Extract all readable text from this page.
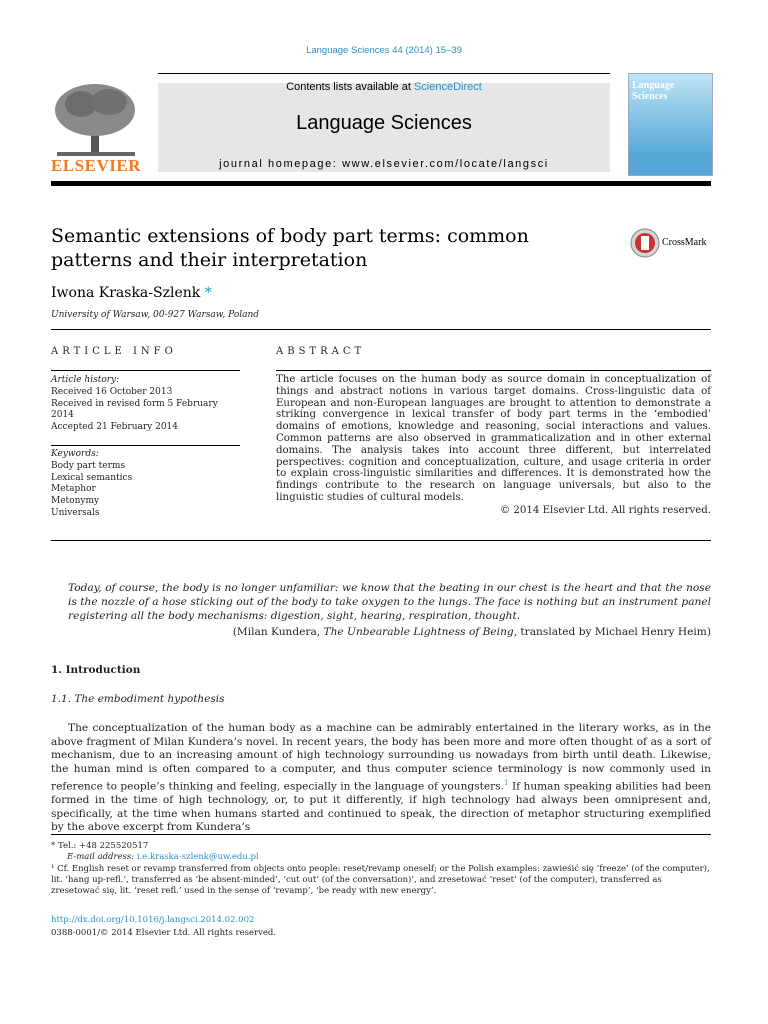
Language Sciences 44 (2014) 15–39
ELSEVIER
Contents lists available at ScienceDirect
Language Sciences
journal homepage: www.elsevier.com/locate/langsci
Language Sciences
Semantic extensions of body part terms: common patterns and their interpretation
CrossMark
Iwona Kraska-Szlenk *
University of Warsaw, 00-927 Warsaw, Poland
ARTICLE INFO	ABSTRACT
Article history:
Received 16 October 2013
Received in revised form 5 February 2014
Accepted 21 February 2014
Keywords:
Body part terms
Lexical semantics
Metaphor
Metonymy
Universals
The article focuses on the human body as source domain in conceptualization of things and abstract notions in various target domains. Cross-linguistic data of European and non-European languages are brought to attention to demonstrate a striking convergence in lexical transfer of body part terms in the ‘embodied’ domains of emotions, knowledge and reasoning, social interactions and values. Common patterns are also observed in grammaticalization and in other external domains. The analysis takes into account three different, but interrelated perspectives: cognition and conceptualization, culture, and usage criteria in order to explain cross-linguistic similarities and differences. It is demonstrated how the findings contribute to the research on language universals, but also to the linguistic studies of cultural models.
© 2014 Elsevier Ltd. All rights reserved.
Today, of course, the body is no longer unfamiliar: we know that the beating in our chest is the heart and that the nose is the nozzle of a hose sticking out of the body to take oxygen to the lungs. The face is nothing but an instrument panel registering all the body mechanisms: digestion, sight, hearing, respiration, thought.
(Milan Kundera, The Unbearable Lightness of Being, translated by Michael Henry Heim)
1. Introduction
1.1. The embodiment hypothesis
The conceptualization of the human body as a machine can be admirably entertained in the literary works, as in the above fragment of Milan Kundera’s novel. In recent years, the body has been more and more often thought of as a sort of mechanism, due to an increasing amount of high technology surrounding us nowadays from birth until death. Likewise, the human mind is often compared to a computer, and thus computer science terminology is now commonly used in reference to people’s thinking and feeling, especially in the language of youngsters.$^1$ If human speaking abilities had been formed in the time of high technology, or, to put it differently, if high technology had always been omnipresent and, specifically, at the time when humans started and continued to speak, the direction of metaphor structuring exemplified by the above excerpt from Kundera’s
* Tel.: +48 225520517
E-mail address: i.e.kraska-szlenk@uw.edu.pl
¹ Cf. English reset or revamp transferred from objects onto people: reset/revamp oneself; or the Polish examples: zawieśić się ‘freeze’ (of the computer), lit. ‘hang up-refl.’, transferred as ‘be absent-minded’, ‘cut out’ (of the conversation)’, and zresetować ‘reset’ (of the computer), transferred as zresetować się, lit. ‘reset refl.’ used in the sense of ‘revamp’, ‘be ready with new energy’.
http://dx.doi.org/10.1016/j.langsci.2014.02.002
0388-0001/© 2014 Elsevier Ltd. All rights reserved.
